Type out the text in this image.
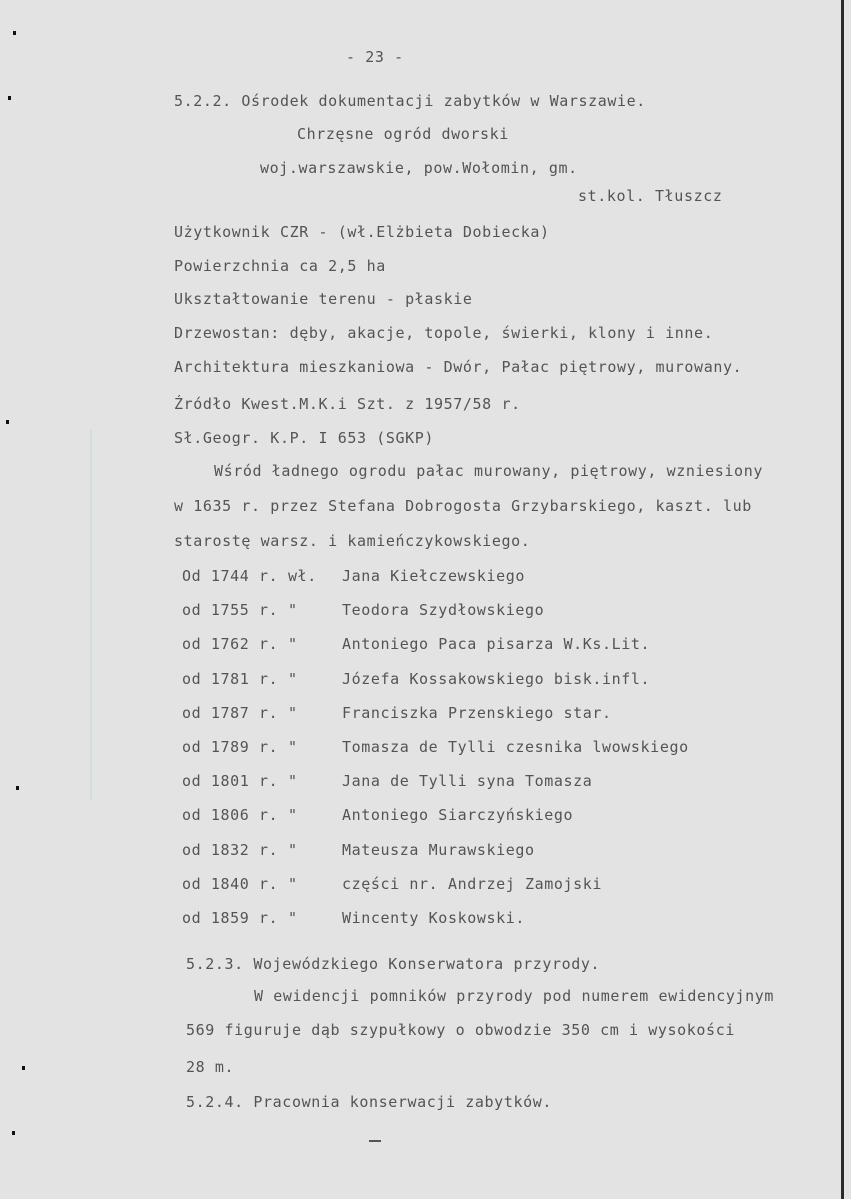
- 23 -
5.2.2. Ośrodek dokumentacji zabytków w Warszawie.
Chrzęsne ogród dworski
woj.warszawskie, pow.Wołomin, gm.
st.kol. Tłuszcz
Użytkownik CZR - (wł.Elżbieta Dobiecka)
Powierzchnia ca 2,5 ha
Ukształtowanie terenu - płaskie
Drzewostan: dęby, akacje, topole, świerki, klony i inne.
Architektura mieszkaniowa - Dwór, Pałac piętrowy, murowany.
Źródło Kwest.M.K.i Szt. z 1957/58 r.
Sł.Geogr. K.P. I 653 (SGKP)
Wśród ładnego ogrodu pałac murowany, piętrowy, wzniesiony
w 1635 r. przez Stefana Dobrogosta Grzybarskiego, kaszt. lub
starostę warsz. i kamieńczykowskiego.
Od 1744 r. wł. Jana Kiełczewskiego
od 1755 r. "	Teodora Szydłowskiego
od 1762 r. "	Antoniego Paca pisarza W.Ks.Lit.
od 1781 r. "	Józefa Kossakowskiego bisk.infl.
od 1787 r. "	Franciszka Przenskiego star.
od 1789 r. "	Tomasza de Tylli czesnika lwowskiego
od 1801 r. "	Jana de Tylli syna Tomasza
od 1806 r. "	Antoniego Siarczyńskiego
od 1832 r. "	Mateusza Murawskiego
od 1840 r. "	części nr. Andrzej Zamojski
od 1859 r. "	Wincenty Koskowski.
5.2.3. Wojewódzkiego Konserwatora przyrody.
W ewidencji pomników przyrody pod numerem ewidencyjnym
569 figuruje dąb szypułkowy o obwodzie 350 cm i wysokości
28 m.
5.2.4. Pracownia konserwacji zabytków.
